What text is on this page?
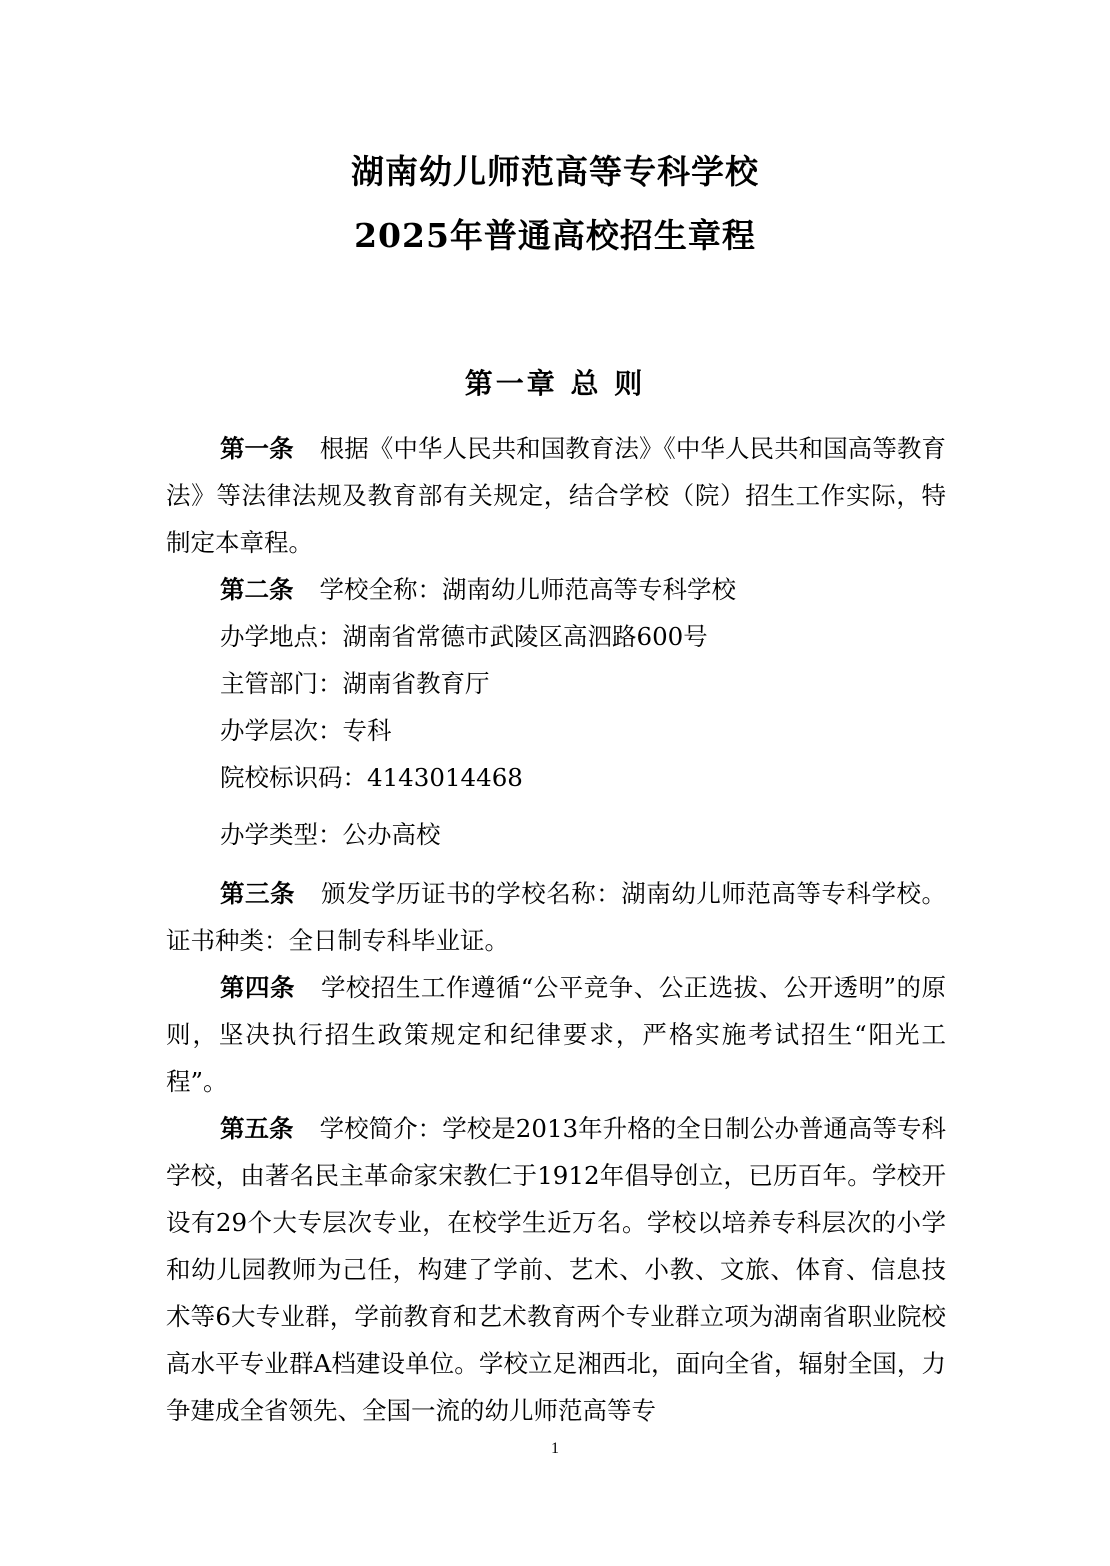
湖南幼儿师范高等专科学校
2025年普通高校招生章程
第一章 总 则

第一条 根据《中华人民共和国教育法》《中华人民共和国高等教育法》等法律法规及教育部有关规定，结合学校（院）招生工作实际，特制定本章程。

第二条 学校全称：湖南幼儿师范高等专科学校

办学地点：湖南省常德市武陵区高泗路600号

主管部门：湖南省教育厅

办学层次：专科

院校标识码：4143014468

办学类型：公办高校

第三条 颁发学历证书的学校名称：湖南幼儿师范高等专科学校。证书种类：全日制专科毕业证。

第四条 学校招生工作遵循“公平竞争、公正选拔、公开透明”的原则，坚决执行招生政策规定和纪律要求，严格实施考试招生“阳光工程”。

第五条 学校简介：学校是2013年升格的全日制公办普通高等专科学校，由著名民主革命家宋教仁于1912年倡导创立，已历百年。学校开设有29个大专层次专业，在校学生近万名。学校以培养专科层次的小学和幼儿园教师为己任，构建了学前、艺术、小教、文旅、体育、信息技术等6大专业群，学前教育和艺术教育两个专业群立项为湖南省职业院校高水平专业群A档建设单位。学校立足湘西北，面向全省，辐射全国，力争建成全省领先、全国一流的幼儿师范高等专

1
